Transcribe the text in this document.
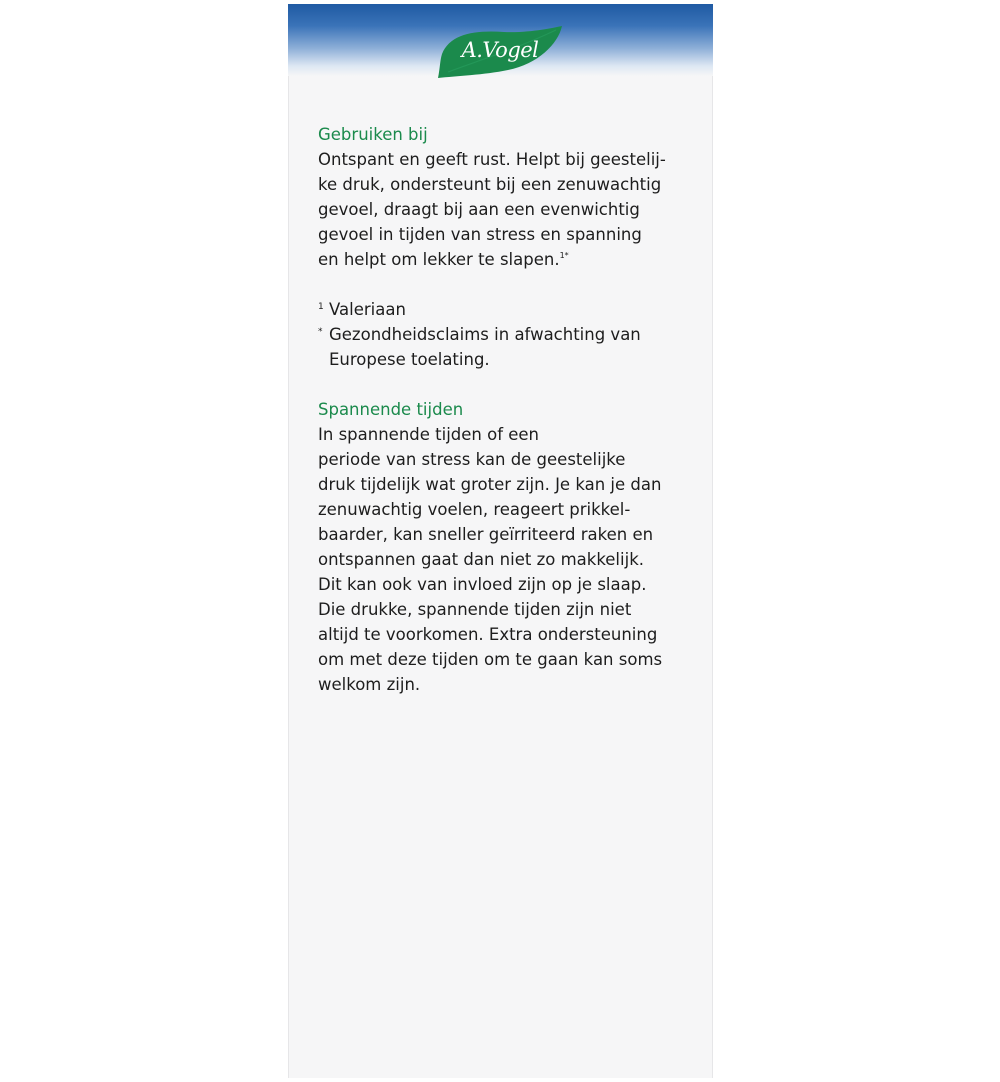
A.Vogel
Gebruiken bij

Ontspant en geeft rust. Helpt bij geestelij-
ke druk, ondersteunt bij een zenuwachtig
gevoel, draagt bij aan een evenwichtig
gevoel in tijden van stress en spanning
en helpt om lekker te slapen.$^{1*}$

1 Valeriaan
* Gezondheidsclaims in afwachting van
Europese toelating.
Spannende tijden

In spannende tijden of een
periode van stress kan de geestelijke
druk tijdelijk wat groter zijn. Je kan je dan
zenuwachtig voelen, reageert prikkel-
baarder, kan sneller geïrriteerd raken en
ontspannen gaat dan niet zo makkelijk.
Dit kan ook van invloed zijn op je slaap.
Die drukke, spannende tijden zijn niet
altijd te voorkomen. Extra ondersteuning
om met deze tijden om te gaan kan soms
welkom zijn.
